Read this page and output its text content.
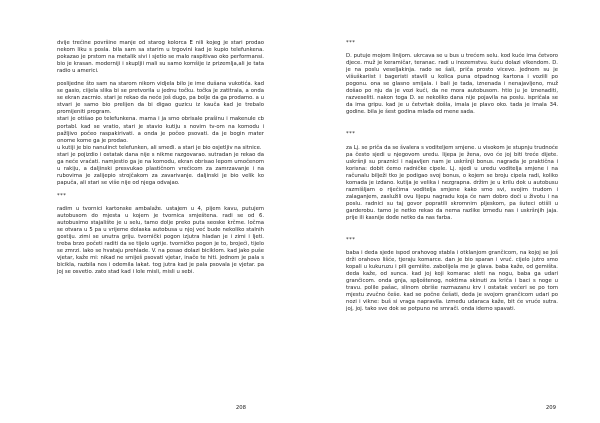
dvije trećine površine manje od starog kolorca E nili kojeg je stari prodao nekom liku s posla. bila sam sa starim u trgovini kad je kupio telefunkena. pokazao je prstom na metalik sivi i sjetio se malo raspitivao oko performansi. bio je krasan. moderniji i skupljii mali su samo komšije iz prizemlja,ali je tata radio u americi.

poslijedne što sam na starom nikom vidjela bilo je ime dušana vukotića. kad se gasio, ciijela slika bi se pretvorila u jednu točku. točka je zatitrala, a onda se ekran zacrnio. stari je rekao da neće još dugo, pa bolje da ga prodamo. a u stvari je samo bio prelijen da bi digao guzicu iz kauča kad je trebalo promijeniti program.

stari je otišao po telefunkena. mama i ja smo obrisale prašinu i makenule cb portabl. kad se vratio, stari je stavio kutiju s novim tv-om na komodu i pažljivo počeo raspakirivati. a onda je počeo psovati. da je bogin mater onome kome ga je prodao.

u kutiji je bio nanulinct telefunken, ali smeđi. a stari je bio osjetljiv na sitnice.

stari je pojizdio i ostatak dana nije s nikme razgovarao. sutradan je rekao da ga neće vraćati. namjestio ga je na komodu, ekran obrisao lepom umočenom u rakiju, a daljinski presvukao plastičnom vrećicom za zamrzavanje i na rubovima je zalijepio strojčakom za zavarivanje. daljinski je bio velik ko papuča, ali stari se više nije od njega odvajao.

***

radim u tvornici kartonske ambalaže. ustajem u 4, pijem kavu, putujem autobusom do mjesta u kojem je tvornica smještena. radi se od 6. autobusimo stajalište je u selu, tamo dolje preko puta seoske krčme. ločma se otvara u 5 pa u vrijeme dolaska autobusa u njoj već bude nekoliko stalnih gostiju. zimi se unutra griju. tvornički pogon izjutra hladan je i zimi i ljeti. treba brzo početi raditi da se tijelo ugrije. tvorničko pogon je to, brojeći, tijelo se zmrzi. lako se hvataju prehlade. V. na posao dolazi biciklom. kad jako puše vjetar, kaže mi: nikad ne smiješ psovati vjetar, inače te hiti. jednom je pala s bicikla, razbila nos i odemila lakat. tog jutra kad je pala psovala je vjetar. pa joj se osvetio. zato stad kad i lole misli, misli u sebi.

208

***

D. putuje mojom linijom. ukrcava se u bus u trećem selu. kod kuće ima četvoro djece. muž je keramičar, teranac. radi u inozemstvu. kuću dolazi vikendom. D. je na poslu veseljakinja. rado se šali, priča prosto vicevo. jednom su je višuškariist i bageristi stavili u kolica puna otpadnog kartona i voziili po pogonu. ona se glasno smijala. i bali je tada, iznenada i nenajavljeno, muž došao po nju da je vozi kući, da ne mora autobusom. htio ju je iznenaditi, razveseliti. nakon toga D. se nekoliko dana nije pojavila na poslu. ispričala se da ima gripu. kad je u četvrtak došla, imala je plavo oko. tada je imala 34. godine. bila je šest godina mlađa od mene sada.

***

za Lj. se priča da se švalera s voditeljem smjene. u visokom je stupnju trudnoće pa često sjedi u njegovom uredu. lijepa je žena, ovo će joj biti treće dijete. uskršnji su praznici i najavljen nam je uskršnji bonus. nagrada je praktična i korisna: dobit ćemo radničke cipele. Lj. sjedi u uredu voditelja smjene i na računalu bilježi tko je podigao svoj bonus, o kojem se broju cipela radi, koliko komada je izdano. kutija je velika i nezgrapna. držim je u krilu dok u autobusu razmišljam o riječima voditelja smjene kako smo svi, svojim trudom i zalaganjem, zaslužili ovu lijepu nagradu koja će nam dobro doći u životu i na poslu. radnici su taj govor popratili skromnim pljeskom, pa šuteci otišli u garderobu. tamo je netko rekao da nema razlike između nas i uskršnjih jaja. prije ili kasnije dođe netko da nas farba.

***

baba i deda sjede ispod orahovog stabla i otklanjom grančicom, na kojoj se još drži orahovo lišće, tjeraju komarce. dan je bio sparan i vruć. cijelo jutro smo kopali u kukuruzu i pili gemište. zabolijela me je glava. baba kaže, od gemišta. deda kaže, od sunca. kad joj koji komarac sleti na nogu, baba ga udari grančicom. onda gnja, spljoštenog, noktima skinuti za kriča i baci s noge u travu. polile pašac, slinom obriše razmazanu krv i ostatak većeri se po tom mjestu zvučno češe. kad se počne češati, deda je svojom grančicom udari po nozi i vikne: buš si vraga napravila. između udaraca kaže, bit će vruće sutra. joj, joj. tako sve dok se potpuno ne smrači. onda idemo spavati.

209
